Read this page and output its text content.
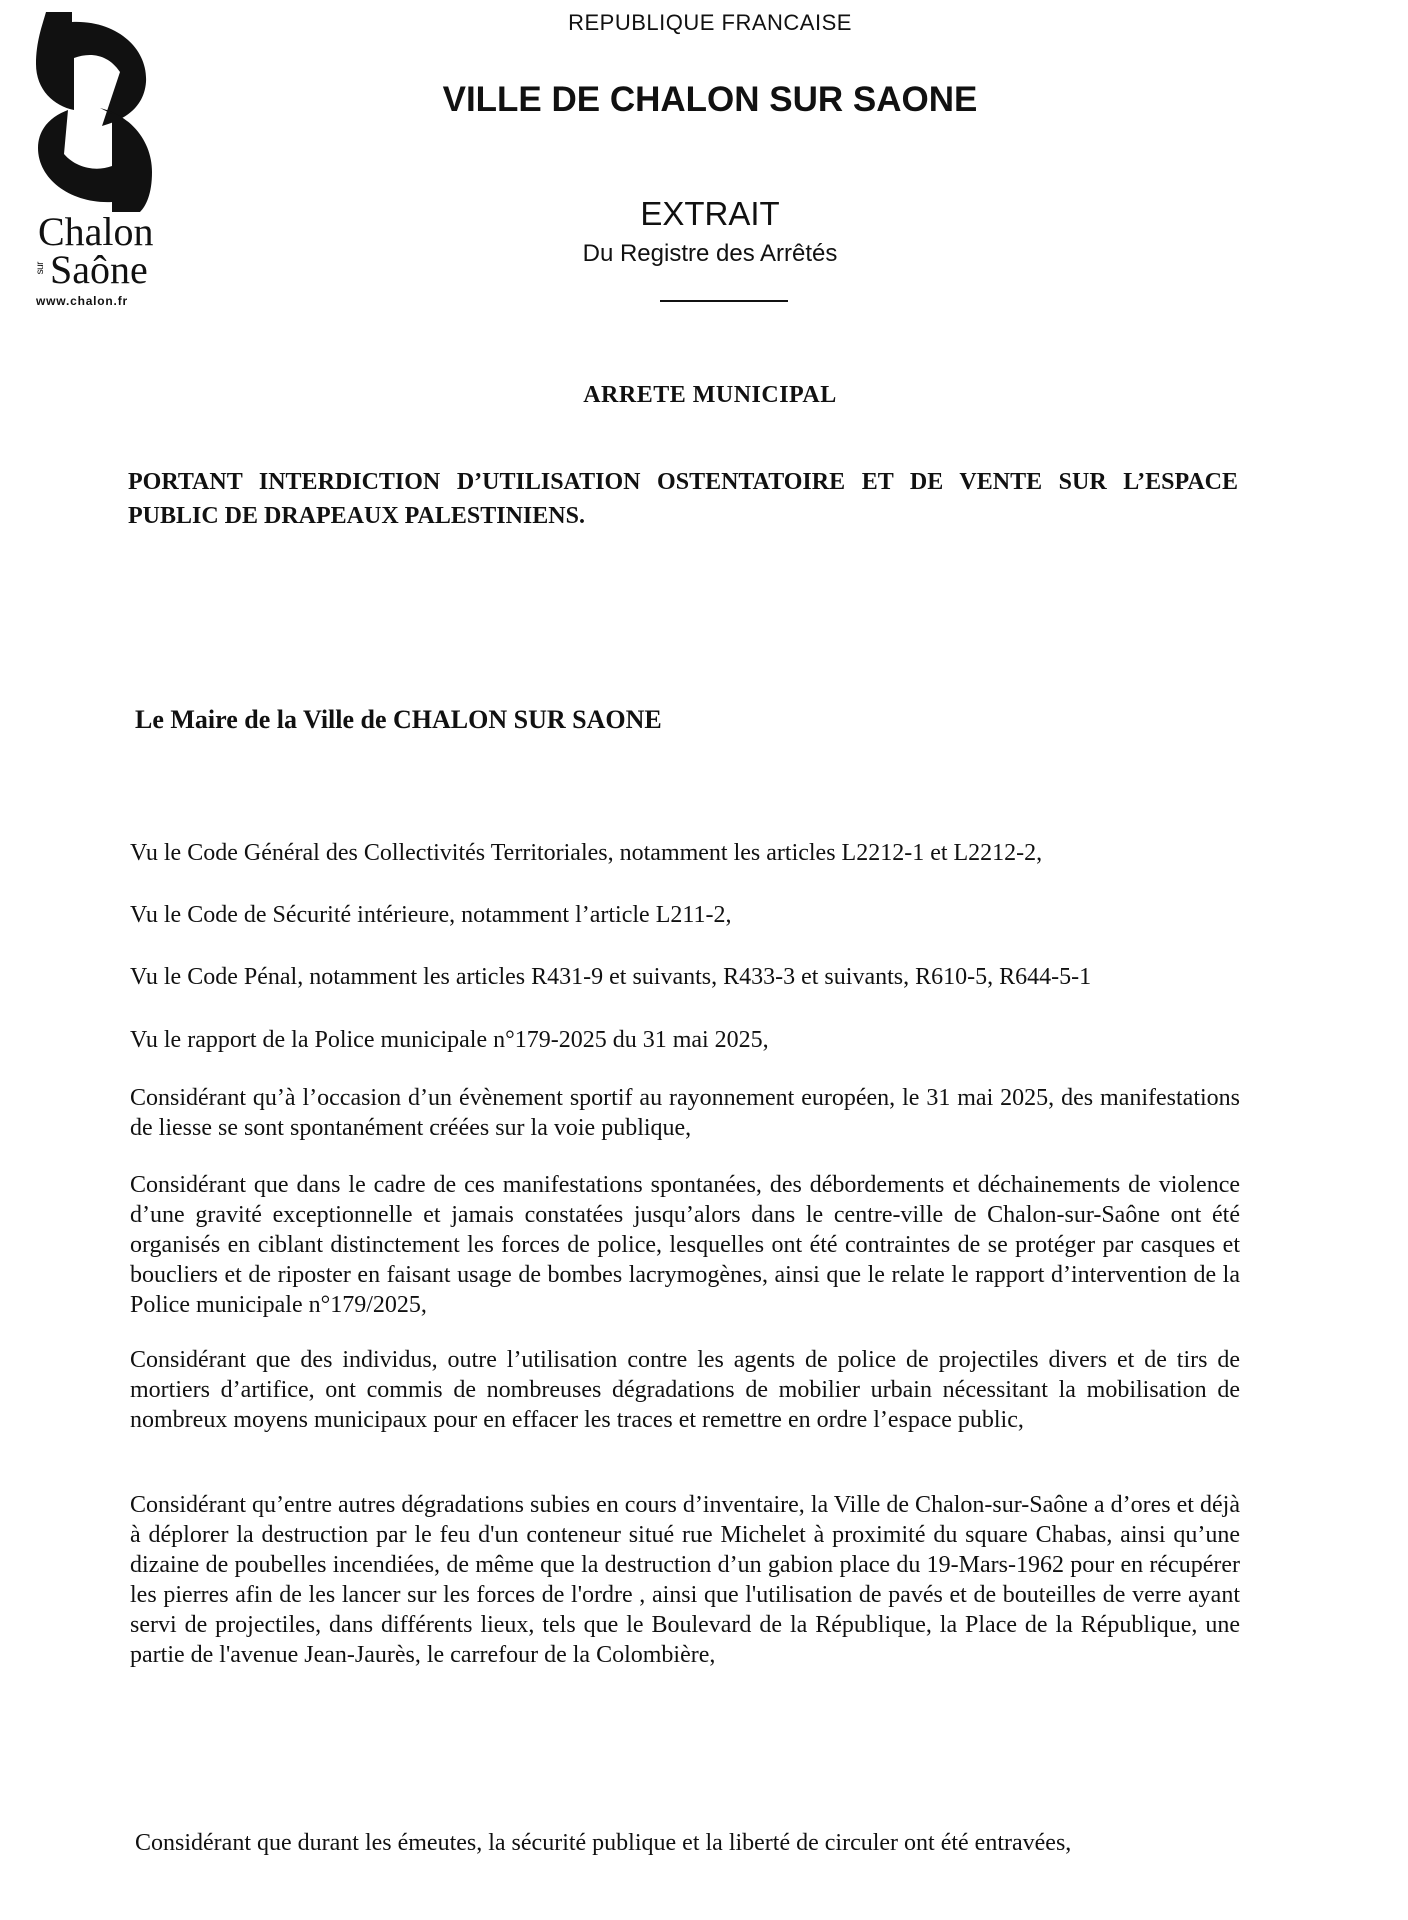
Chalon
sur Saône
www.chalon.fr
REPUBLIQUE FRANCAISE
VILLE DE CHALON SUR SAONE
EXTRAIT
Du Registre des Arrêtés
ARRETE MUNICIPAL
PORTANT INTERDICTION D’UTILISATION OSTENTATOIRE ET DE VENTE SUR L’ESPACE PUBLIC DE DRAPEAUX PALESTINIENS.
Le Maire de la Ville de CHALON SUR SAONE

Vu le Code Général des Collectivités Territoriales, notamment les articles L2212-1 et L2212-2,

Vu le Code de Sécurité intérieure, notamment l’article L211-2,

Vu le Code Pénal, notamment les articles R431-9 et suivants, R433-3 et suivants, R610-5, R644-5-1

Vu le rapport de la Police municipale n°179-2025 du 31 mai 2025,

Considérant qu’à l’occasion d’un évènement sportif au rayonnement européen, le 31 mai 2025, des manifestations de liesse se sont spontanément créées sur la voie publique,

Considérant que dans le cadre de ces manifestations spontanées, des débordements et déchainements de violence d’une gravité exceptionnelle et jamais constatées jusqu’alors dans le centre-ville de Chalon-sur-Saône ont été organisés en ciblant distinctement les forces de police, lesquelles ont été contraintes de se protéger par casques et boucliers et de riposter en faisant usage de bombes lacrymogènes, ainsi que le relate le rapport d’intervention de la Police municipale n°179/2025,

Considérant que des individus, outre l’utilisation contre les agents de police de projectiles divers et de tirs de mortiers d’artifice, ont commis de nombreuses dégradations de mobilier urbain nécessitant la mobilisation de nombreux moyens municipaux pour en effacer les traces et remettre en ordre l’espace public,

Considérant qu’entre autres dégradations subies en cours d’inventaire, la Ville de Chalon-sur-Saône a d’ores et déjà à déplorer la destruction par le feu d'un conteneur situé rue Michelet à proximité du square Chabas, ainsi qu’une dizaine de poubelles incendiées, de même que la destruction d’un gabion place du 19-Mars-1962 pour en récupérer les pierres afin de les lancer sur les forces de l'ordre , ainsi que l'utilisation de pavés et de bouteilles de verre ayant servi de projectiles, dans différents lieux, tels que le Boulevard de la République, la Place de la République, une partie de l'avenue Jean-Jaurès, le carrefour de la Colombière,

Considérant que durant les émeutes, la sécurité publique et la liberté de circuler ont été entravées,
